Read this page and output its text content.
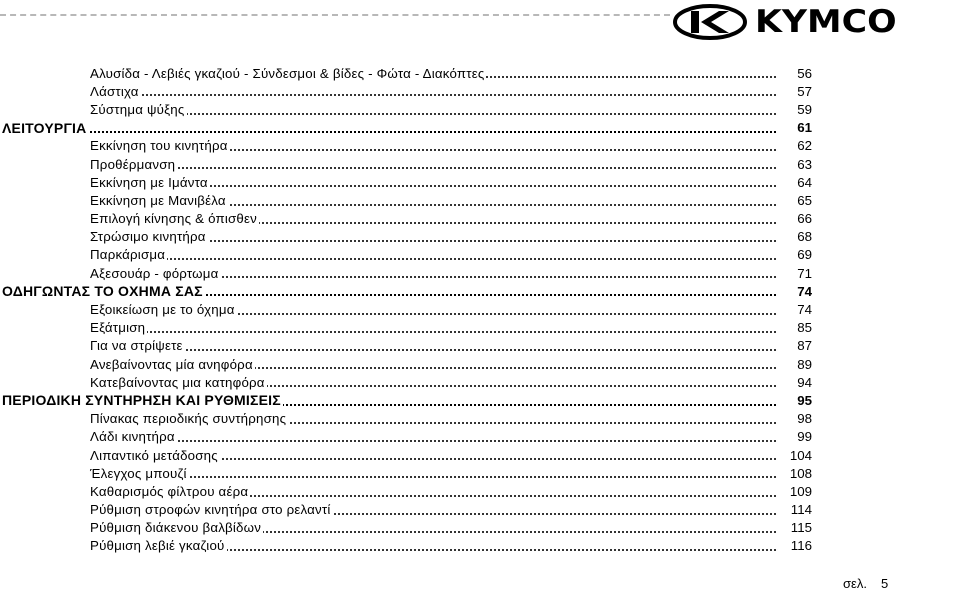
KYMCO
Αλυσίδα - Λεβιές γκαζιού - Σύνδεσμοι & βίδες - Φώτα - Διακόπτες	56
Λάστιχα	57
Σύστημα ψύξης	59
ΛΕΙΤΟΥΡΓΙΑ	61
Εκκίνηση του κινητήρα	62
Προθέρμανση	63
Εκκίνηση με Ιμάντα	64
Εκκίνηση με Μανιβέλα	65
Επιλογή κίνησης & όπισθεν	66
Στρώσιμο κινητήρα	68
Παρκάρισμα	69
Αξεσουάρ - φόρτωμα	71
ΟΔΗΓΩΝΤΑΣ ΤΟ ΟΧΗΜΑ ΣΑΣ	74
Εξοικείωση με το όχημα	74
Εξάτμιση	85
Για να στρίψετε	87
Ανεβαίνοντας μία ανηφόρα	89
Κατεβαίνοντας μια κατηφόρα	94
ΠΕΡΙΟΔΙΚΗ ΣΥΝΤΗΡΗΣΗ ΚΑΙ ΡΥΘΜΙΣΕΙΣ	95
Πίνακας περιοδικής συντήρησης	98
Λάδι κινητήρα	99
Λιπαντικό μετάδοσης	104
Έλεγχος μπουζί	108
Καθαρισμός φίλτρου αέρα	109
Ρύθμιση στροφών κινητήρα στο ρελαντί	114
Ρύθμιση διάκενου βαλβίδων	115
Ρύθμιση λεβιέ γκαζιού	116
σελ. 5
